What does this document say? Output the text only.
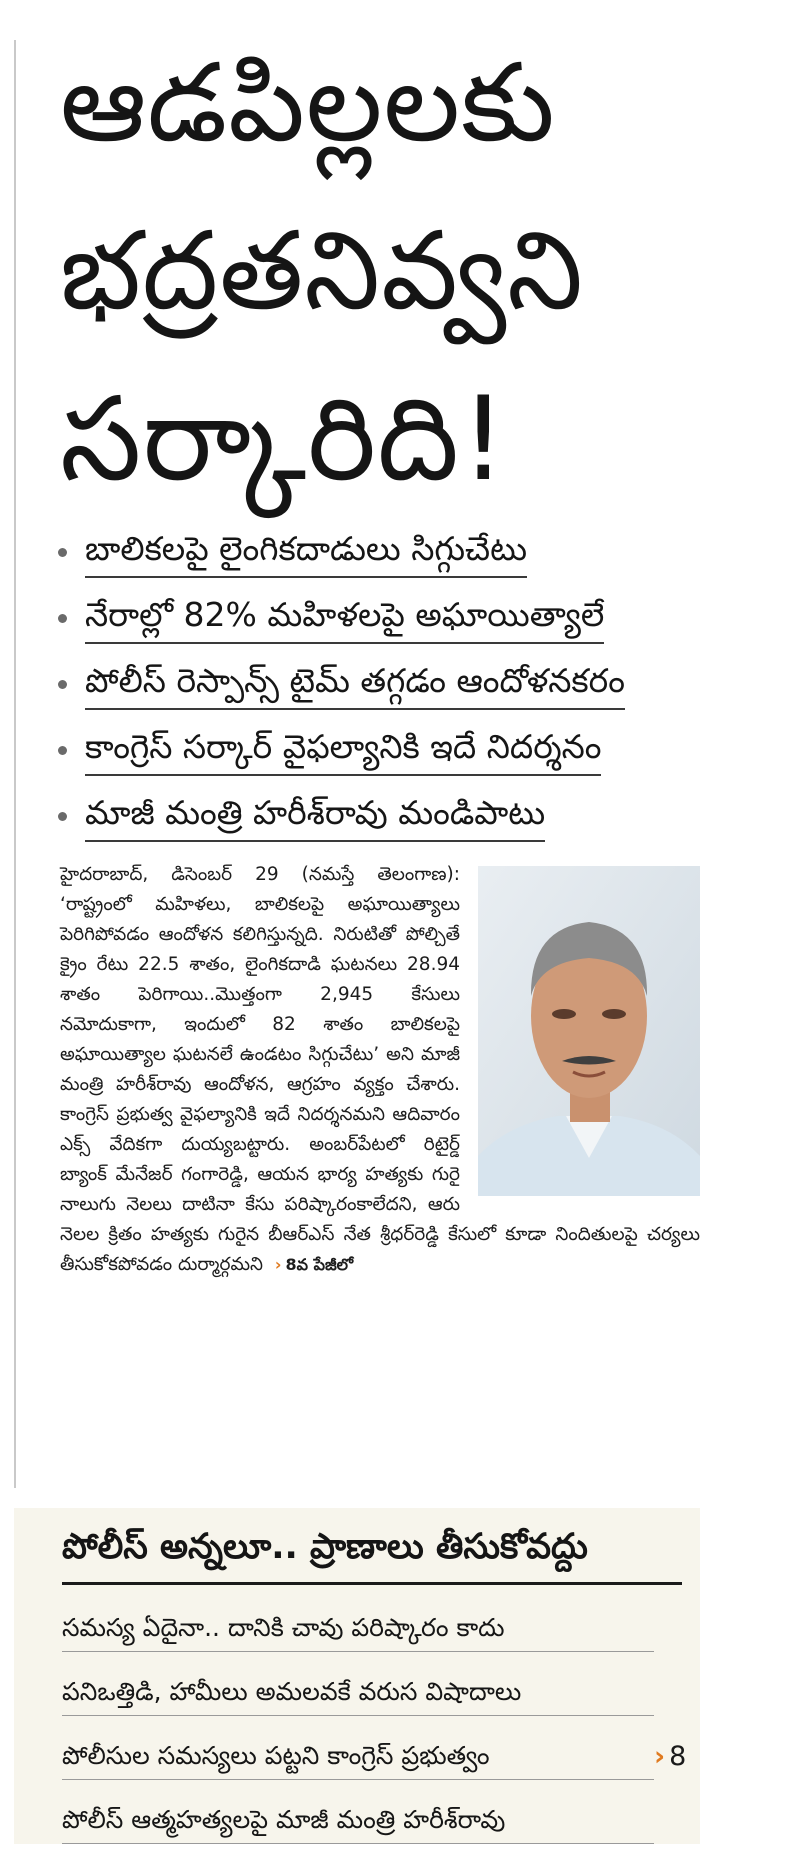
ఆడపిల్లలకు
భద్రతనివ్వని
సర్కారిది!
బాలికలపై లైంగికదాడులు సిగ్గుచేటు
నేరాల్లో 82% మహిళలపై అఘాయిత్యాలే
పోలీస్ రెస్పాన్స్ టైమ్ తగ్గడం ఆందోళనకరం
కాంగ్రెస్ సర్కార్ వైఫల్యానికి ఇదే నిదర్శనం
మాజీ మంత్రి హరీశ్‌రావు మండిపాటు

హైదరాబాద్, డిసెంబర్ 29 (నమస్తే తెలంగాణ): ‘రాష్ట్రంలో మహిళలు, బాలికలపై అఘాయిత్యాలు పెరిగిపోవడం ఆందోళన కలిగిస్తున్నది. నిరుటితో పోల్చితే క్రైం రేటు 22.5 శాతం, లైంగికదాడి ఘటనలు 28.94 శాతం పెరిగాయి..మొత్తంగా 2,945 కేసులు నమోదుకాగా, ఇందులో 82 శాతం బాలికలపై అఘాయిత్యాల ఘటనలే ఉండటం సిగ్గుచేటు’ అని మాజీ మంత్రి హరీశ్‌రావు ఆందోళన, ఆగ్రహం వ్యక్తం చేశారు. కాంగ్రెస్ ప్రభుత్వ వైఫల్యానికి ఇదే నిదర్శనమని ఆదివారం ఎక్స్ వేదికగా దుయ్యబట్టారు. అంబర్‌పేటలో రిటైర్డ్ బ్యాంక్ మేనేజర్ గంగారెడ్డి, ఆయన భార్య హత్యకు గురై నాలుగు నెలలు దాటినా కేసు పరిష్కారంకాలేదని, ఆరు నెలల క్రితం హత్యకు గురైన బీఆర్‌ఎస్ నేత శ్రీధర్‌రెడ్డి కేసులో కూడా నిందితులపై చర్యలు తీసుకోకపోవడం దుర్మార్గమని › 8వ పేజీలో

పోలీస్ అన్నలూ.. ప్రాణాలు తీసుకోవద్దు
సమస్య ఏదైనా.. దానికి చావు పరిష్కారం కాదు
పనిఒత్తిడి, హామీలు అమలవకే వరుస విషాదాలు
పోలీసుల సమస్యలు పట్టని కాంగ్రెస్ ప్రభుత్వం
పోలీస్ ఆత్మహత్యలపై మాజీ మంత్రి హరీశ్‌రావు
› 8
